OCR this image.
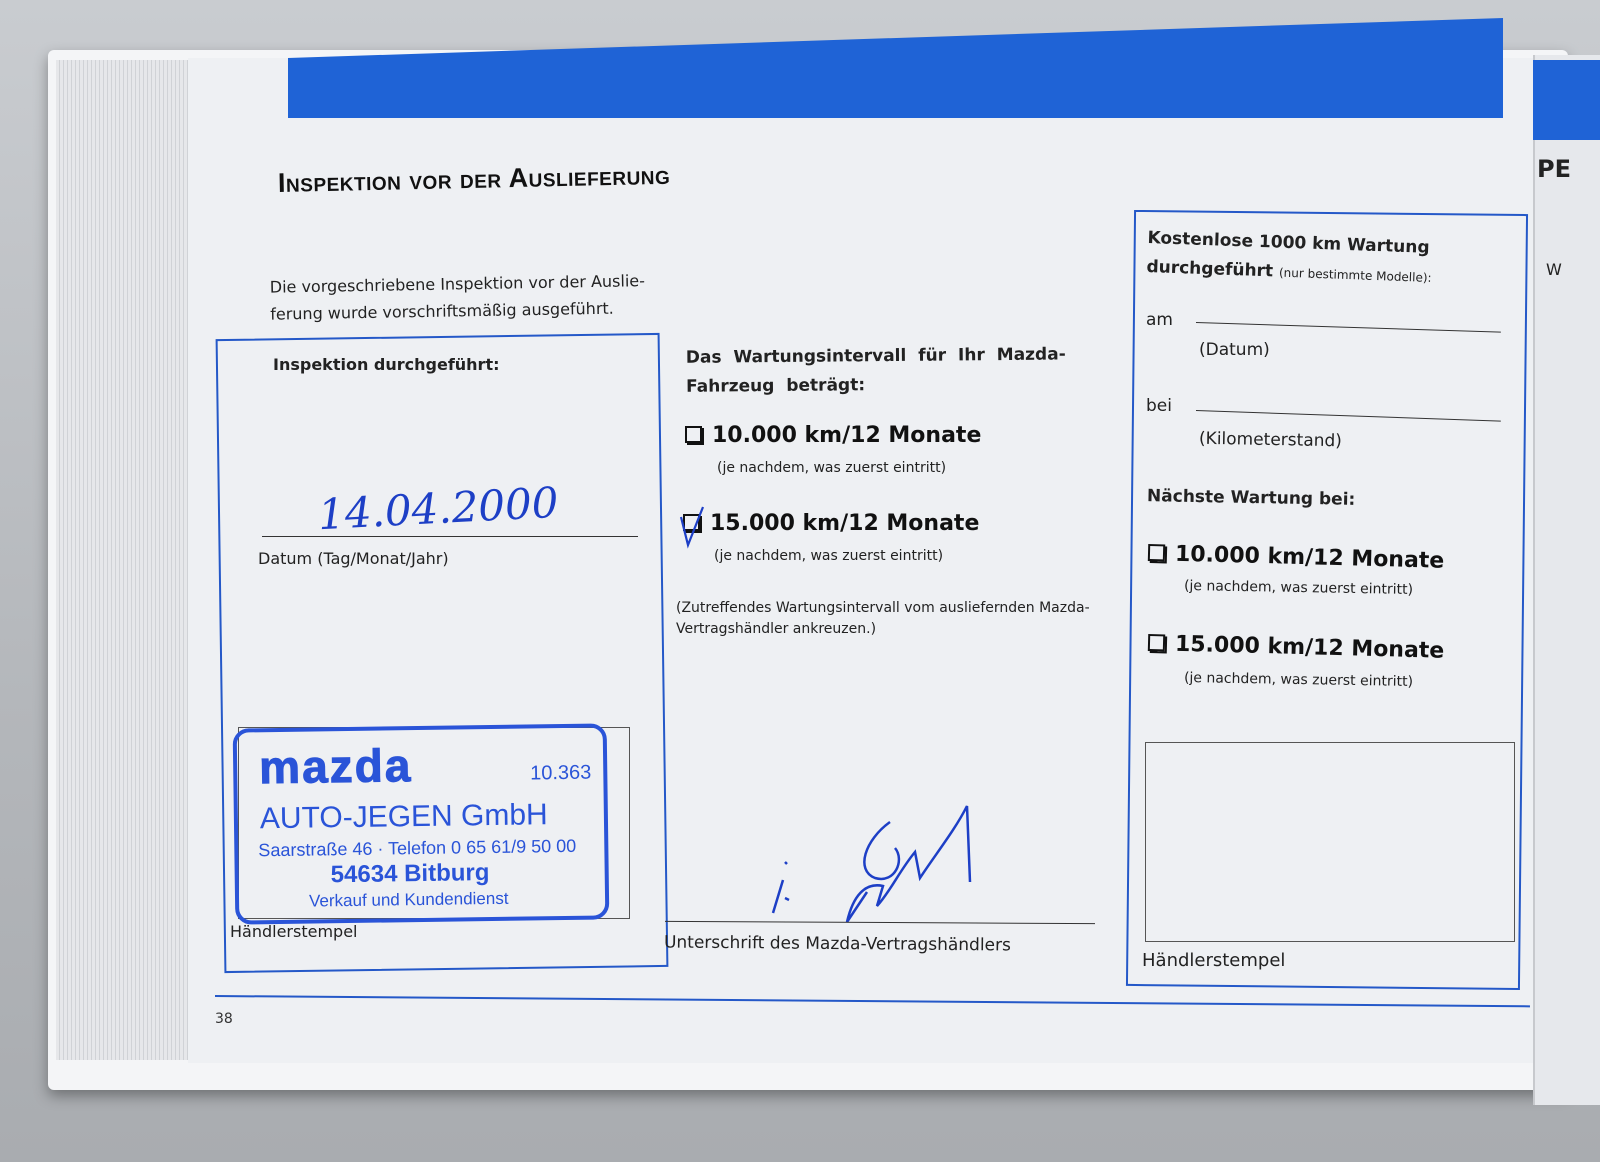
Inspektion vor der Auslieferung
Die vorgeschriebene Inspektion vor der Auslie-ferung wurde vorschriftsmäßig ausgeführt.
Inspektion durchgeführt:
14.04.2000
Datum (Tag/Monat/Jahr)
mazda	10.363
AUTO-JEGEN GmbH
Saarstraße 46 · Telefon 0 65 61/9 50 00
54634 Bitburg
Verkauf und Kundendienst
Händlerstempel
Das Wartungsintervall für Ihr Mazda-Fahrzeug beträgt:
10.000 km/12 Monate
(je nachdem, was zuerst eintritt)
15.000 km/12 Monate
(je nachdem, was zuerst eintritt)
(Zutreffendes Wartungsintervall vom ausliefernden Mazda-Vertragshändler ankreuzen.)
Unterschrift des Mazda-Vertragshändlers
Kostenlose 1000 km Wartung durchgeführt (nur bestimmte Modelle):
am
(Datum)
bei
(Kilometerstand)
Nächste Wartung bei:
10.000 km/12 Monate
(je nachdem, was zuerst eintritt)
15.000 km/12 Monate
(je nachdem, was zuerst eintritt)
Händlerstempel
38
PE
W
